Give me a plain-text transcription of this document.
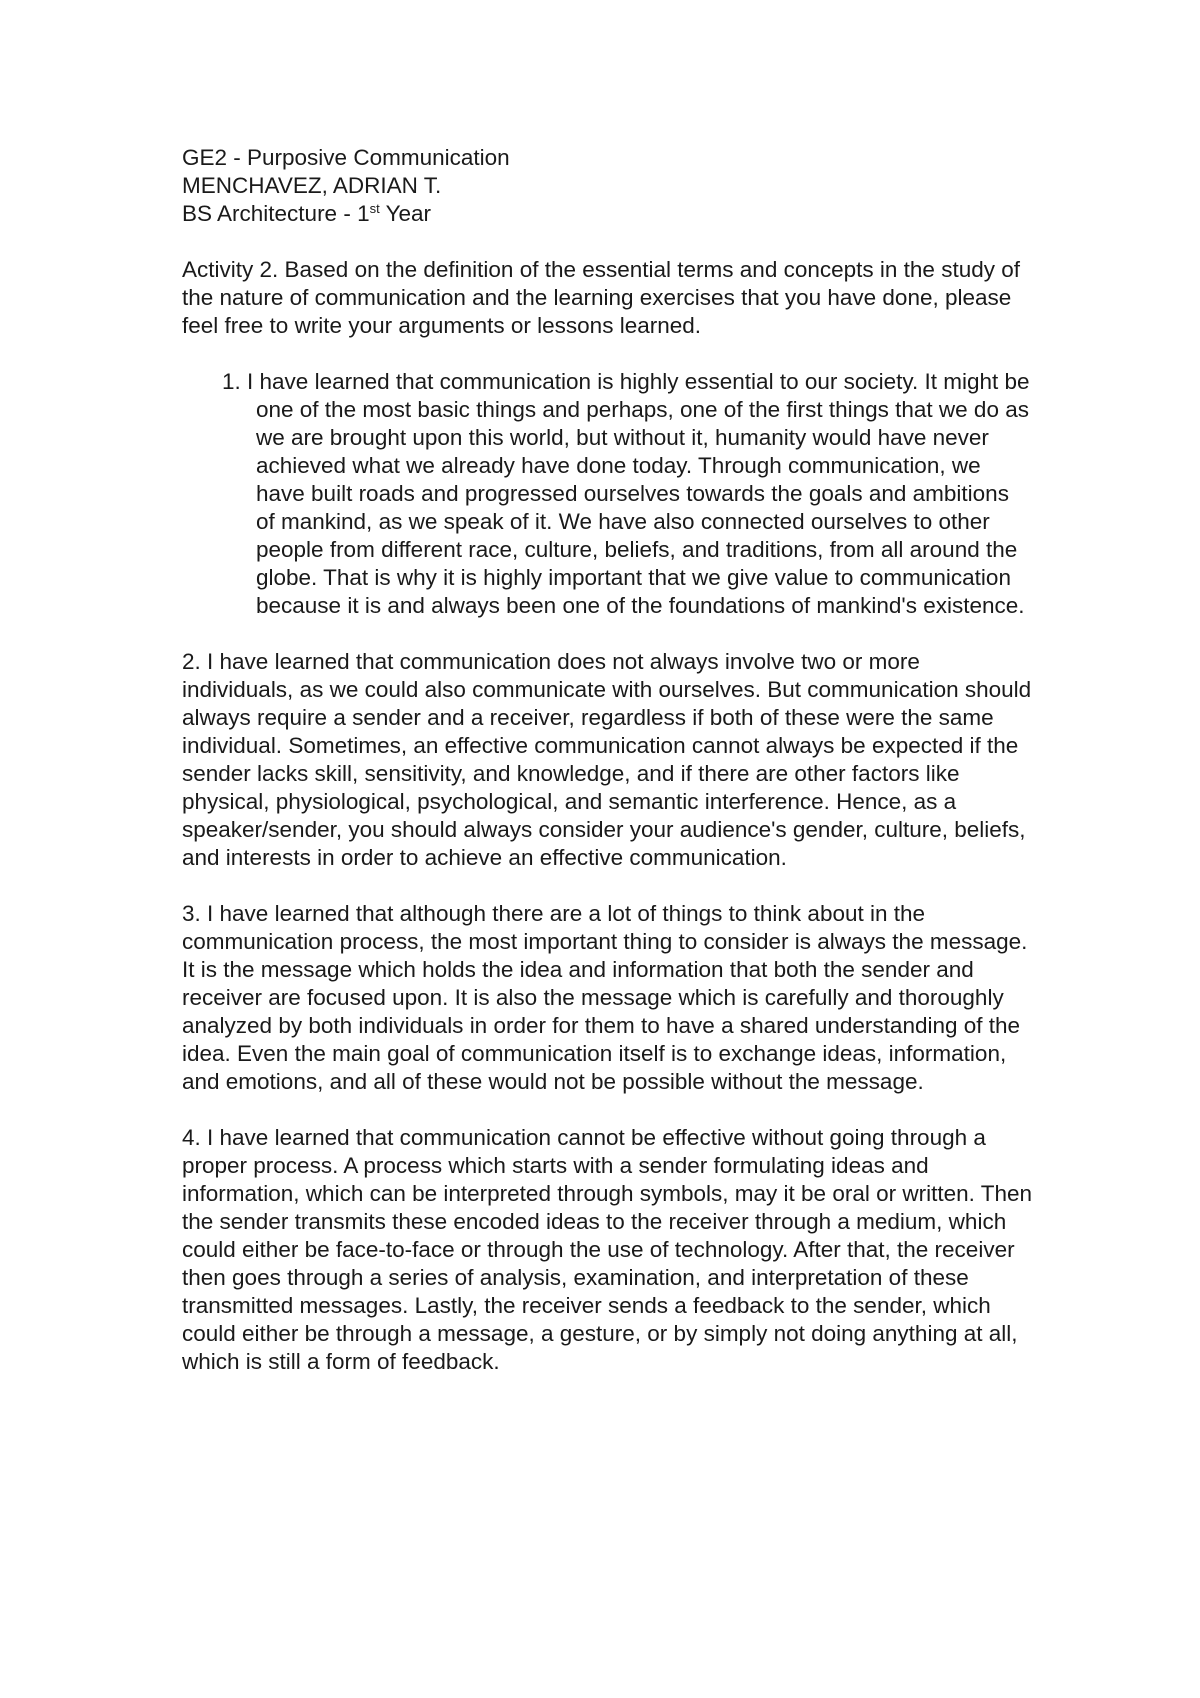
GE2 - Purposive Communication

MENCHAVEZ, ADRIAN T.

BS Architecture - 1st Year

Activity 2. Based on the definition of the essential terms and concepts in the study of the nature of communication and the learning exercises that you have done, please feel free to write your arguments or lessons learned.

1. I have learned that communication is highly essential to our society. It might be one of the most basic things and perhaps, one of the first things that we do as we are brought upon this world, but without it, humanity would have never achieved what we already have done today. Through communication, we have built roads and progressed ourselves towards the goals and ambitions of mankind, as we speak of it. We have also connected ourselves to other people from different race, culture, beliefs, and traditions, from all around the globe. That is why it is highly important that we give value to communication because it is and always been one of the foundations of mankind's existence.

2. I have learned that communication does not always involve two or more individuals, as we could also communicate with ourselves. But communication should always require a sender and a receiver, regardless if both of these were the same individual. Sometimes, an effective communication cannot always be expected if the sender lacks skill, sensitivity, and knowledge, and if there are other factors like physical, physiological, psychological, and semantic interference. Hence, as a speaker/sender, you should always consider your audience's gender, culture, beliefs, and interests in order to achieve an effective communication.

3. I have learned that although there are a lot of things to think about in the communication process, the most important thing to consider is always the message. It is the message which holds the idea and information that both the sender and receiver are focused upon. It is also the message which is carefully and thoroughly analyzed by both individuals in order for them to have a shared understanding of the idea. Even the main goal of communication itself is to exchange ideas, information, and emotions, and all of these would not be possible without the message.

4. I have learned that communication cannot be effective without going through a proper process. A process which starts with a sender formulating ideas and information, which can be interpreted through symbols, may it be oral or written. Then the sender transmits these encoded ideas to the receiver through a medium, which could either be face-to-face or through the use of technology. After that, the receiver then goes through a series of analysis, examination, and interpretation of these transmitted messages. Lastly, the receiver sends a feedback to the sender, which could either be through a message, a gesture, or by simply not doing anything at all, which is still a form of feedback.
